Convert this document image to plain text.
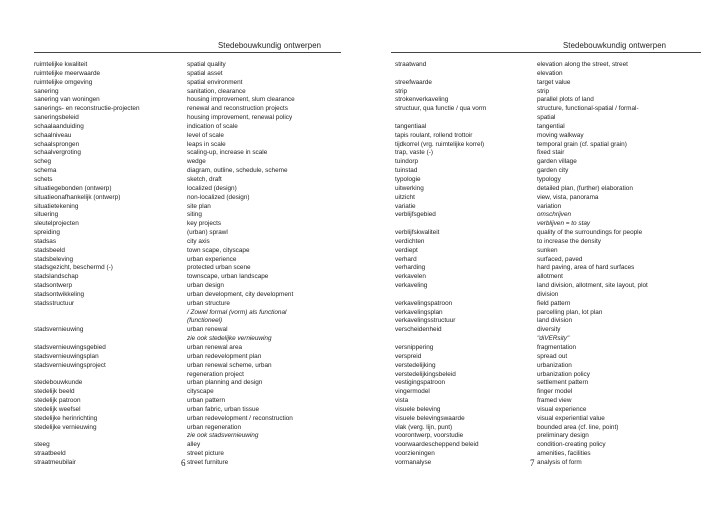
Stedebouwkundig ontwerpen
ruimtelijke kwaliteit	spatial quality
ruimtelijke meerwaarde	spatial asset
ruimtelijke omgeving	spatial environment
sanering	sanitation, clearance
sanering van woningen	housing improvement, slum clearance
sanerings- en reconstructie-projecten	renewal and reconstruction projects
saneringsbeleid	housing improvement, renewal policy
schaalaanduiding	indication of scale
schaalniveau	level of scale
schaalsprongen	leaps in scale
schaalvergroting	scaling-up, increase in scale
scheg	wedge
schema	diagram, outline, schedule, scheme
schets	sketch, draft
situatiegebonden (ontwerp)	localized (design)
situatieonafhankelijk (ontwerp)	non-localized (design)
situatietekening	site plan
situering	siting
sleutelprojecten	key projects
spreiding	(urban) sprawl
stadsas	city axis
stadsbeeld	town scape, cityscape
stadsbeleving	urban experience
stadsgezicht, beschermd (-)	protected urban scene
stadslandschap	townscape, urban landscape
stadsontwerp	urban design
stadsontwikkeling	urban development, city development
stadsstructuur	urban structure
/ Zowel formal (vorm) als functional
(functioneel)
stadsvernieuwing	urban renewal
zie ook stedelijke vernieuwing
stadsvernieuwingsgebied	urban renewal area
stadsvernieuwingsplan	urban redevelopment plan
stadsvernieuwingsproject	urban renewal scheme, urban
regeneration project
stedebouwkunde	urban planning and design
stedelijk beeld	cityscape
stedelijk patroon	urban pattern
stedelijk weefsel	urban fabric, urban tissue
stedelijke herinrichting	urban redevelopment / reconstruction
stedelijke vernieuwing	urban regeneration
zie ook stadsvernieuwing
steeg	alley
straatbeeld	street picture
straatmeubilair	street furniture
6
Stedebouwkundig ontwerpen
straatwand	elevation along the street, street
elevation
streefwaarde	target value
strip	strip
strokenverkaveling	parallel plots of land
structuur, qua functie / qua vorm	structure, functional-spatial / formal-
spatial
tangentiaal	tangential
tapis roulant, rollend trottoir	moving walkway
tijdkorrel (vrg. ruimtelijke korrel)	temporal grain (cf. spatial grain)
trap, vaste (-)	fixed stair
tuindorp	garden village
tuinstad	garden city
typologie	typology
uitwerking	detailed plan, (further) elaboration
uitzicht	view, vista, panorama
variatie	variation
verblijfsgebied	omschrijven
verblijven = to stay
verblijfskwaliteit	quality of the surroundings for people
verdichten	to increase the density
verdiept	sunken
verhard	surfaced, paved
verharding	hard paving, area of hard surfaces
verkavelen	allotment
verkaveling	land division, allotment, site layout, plot
division
verkavelingspatroon	field pattern
verkavelingsplan	parcelling plan, lot plan
verkavelingsstructuur	land division
verscheidenheid	diversity
"diVERsity"
versnippering	fragmentation
verspreid	spread out
verstedelijking	urbanization
verstedelijkingsbeleid	urbanization policy
vestigingspatroon	settlement pattern
vingermodel	finger model
vista	framed view
visuele beleving	visual experience
visuele belevingswaarde	visual experiential value
vlak (verg. lijn, punt)	bounded area (cf. line, point)
voorontwerp, voorstudie	preliminary design
voorwaardescheppend beleid	condition-creating policy
voorzieningen	amenities, facilities
vormanalyse	analysis of form
7
